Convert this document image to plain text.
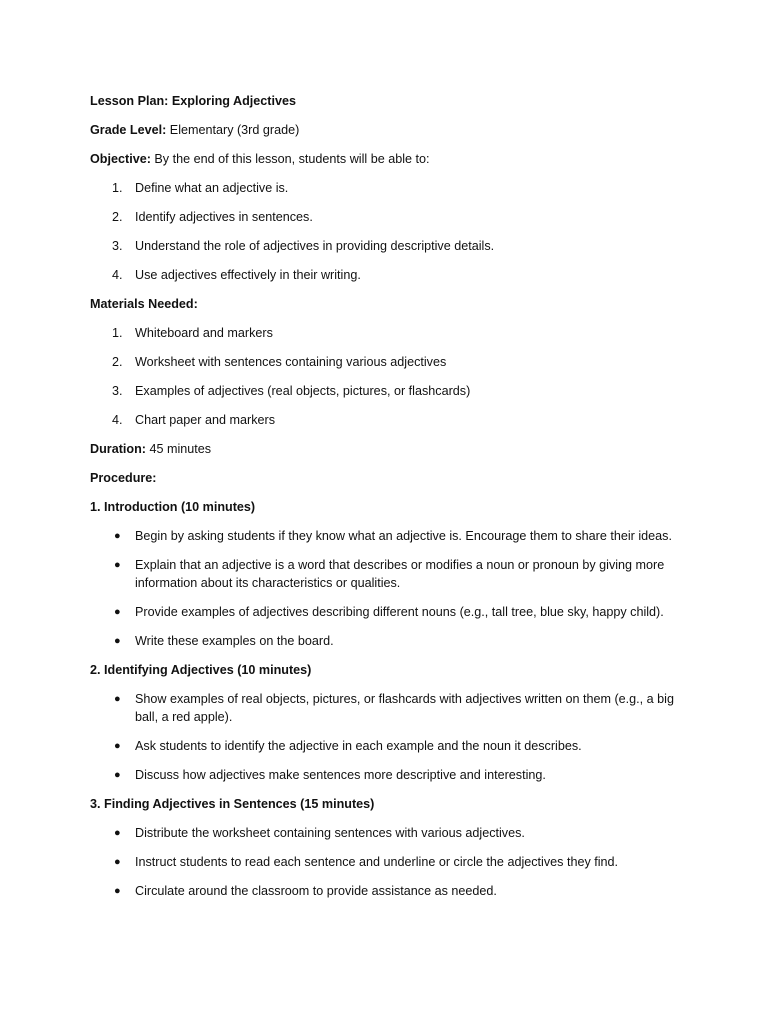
Lesson Plan: Exploring Adjectives

Grade Level: Elementary (3rd grade)

Objective: By the end of this lesson, students will be able to:

1. Define what an adjective is.
2. Identify adjectives in sentences.
3. Understand the role of adjectives in providing descriptive details.
4. Use adjectives effectively in their writing.

Materials Needed:

1. Whiteboard and markers
2. Worksheet with sentences containing various adjectives
3. Examples of adjectives (real objects, pictures, or flashcards)
4. Chart paper and markers

Duration: 45 minutes

Procedure:

1. Introduction (10 minutes)

● Begin by asking students if they know what an adjective is. Encourage them to share their ideas.
● Explain that an adjective is a word that describes or modifies a noun or pronoun by giving more information about its characteristics or qualities.
● Provide examples of adjectives describing different nouns (e.g., tall tree, blue sky, happy child).
● Write these examples on the board.

2. Identifying Adjectives (10 minutes)

● Show examples of real objects, pictures, or flashcards with adjectives written on them (e.g., a big ball, a red apple).
● Ask students to identify the adjective in each example and the noun it describes.
● Discuss how adjectives make sentences more descriptive and interesting.

3. Finding Adjectives in Sentences (15 minutes)

● Distribute the worksheet containing sentences with various adjectives.
● Instruct students to read each sentence and underline or circle the adjectives they find.
● Circulate around the classroom to provide assistance as needed.
